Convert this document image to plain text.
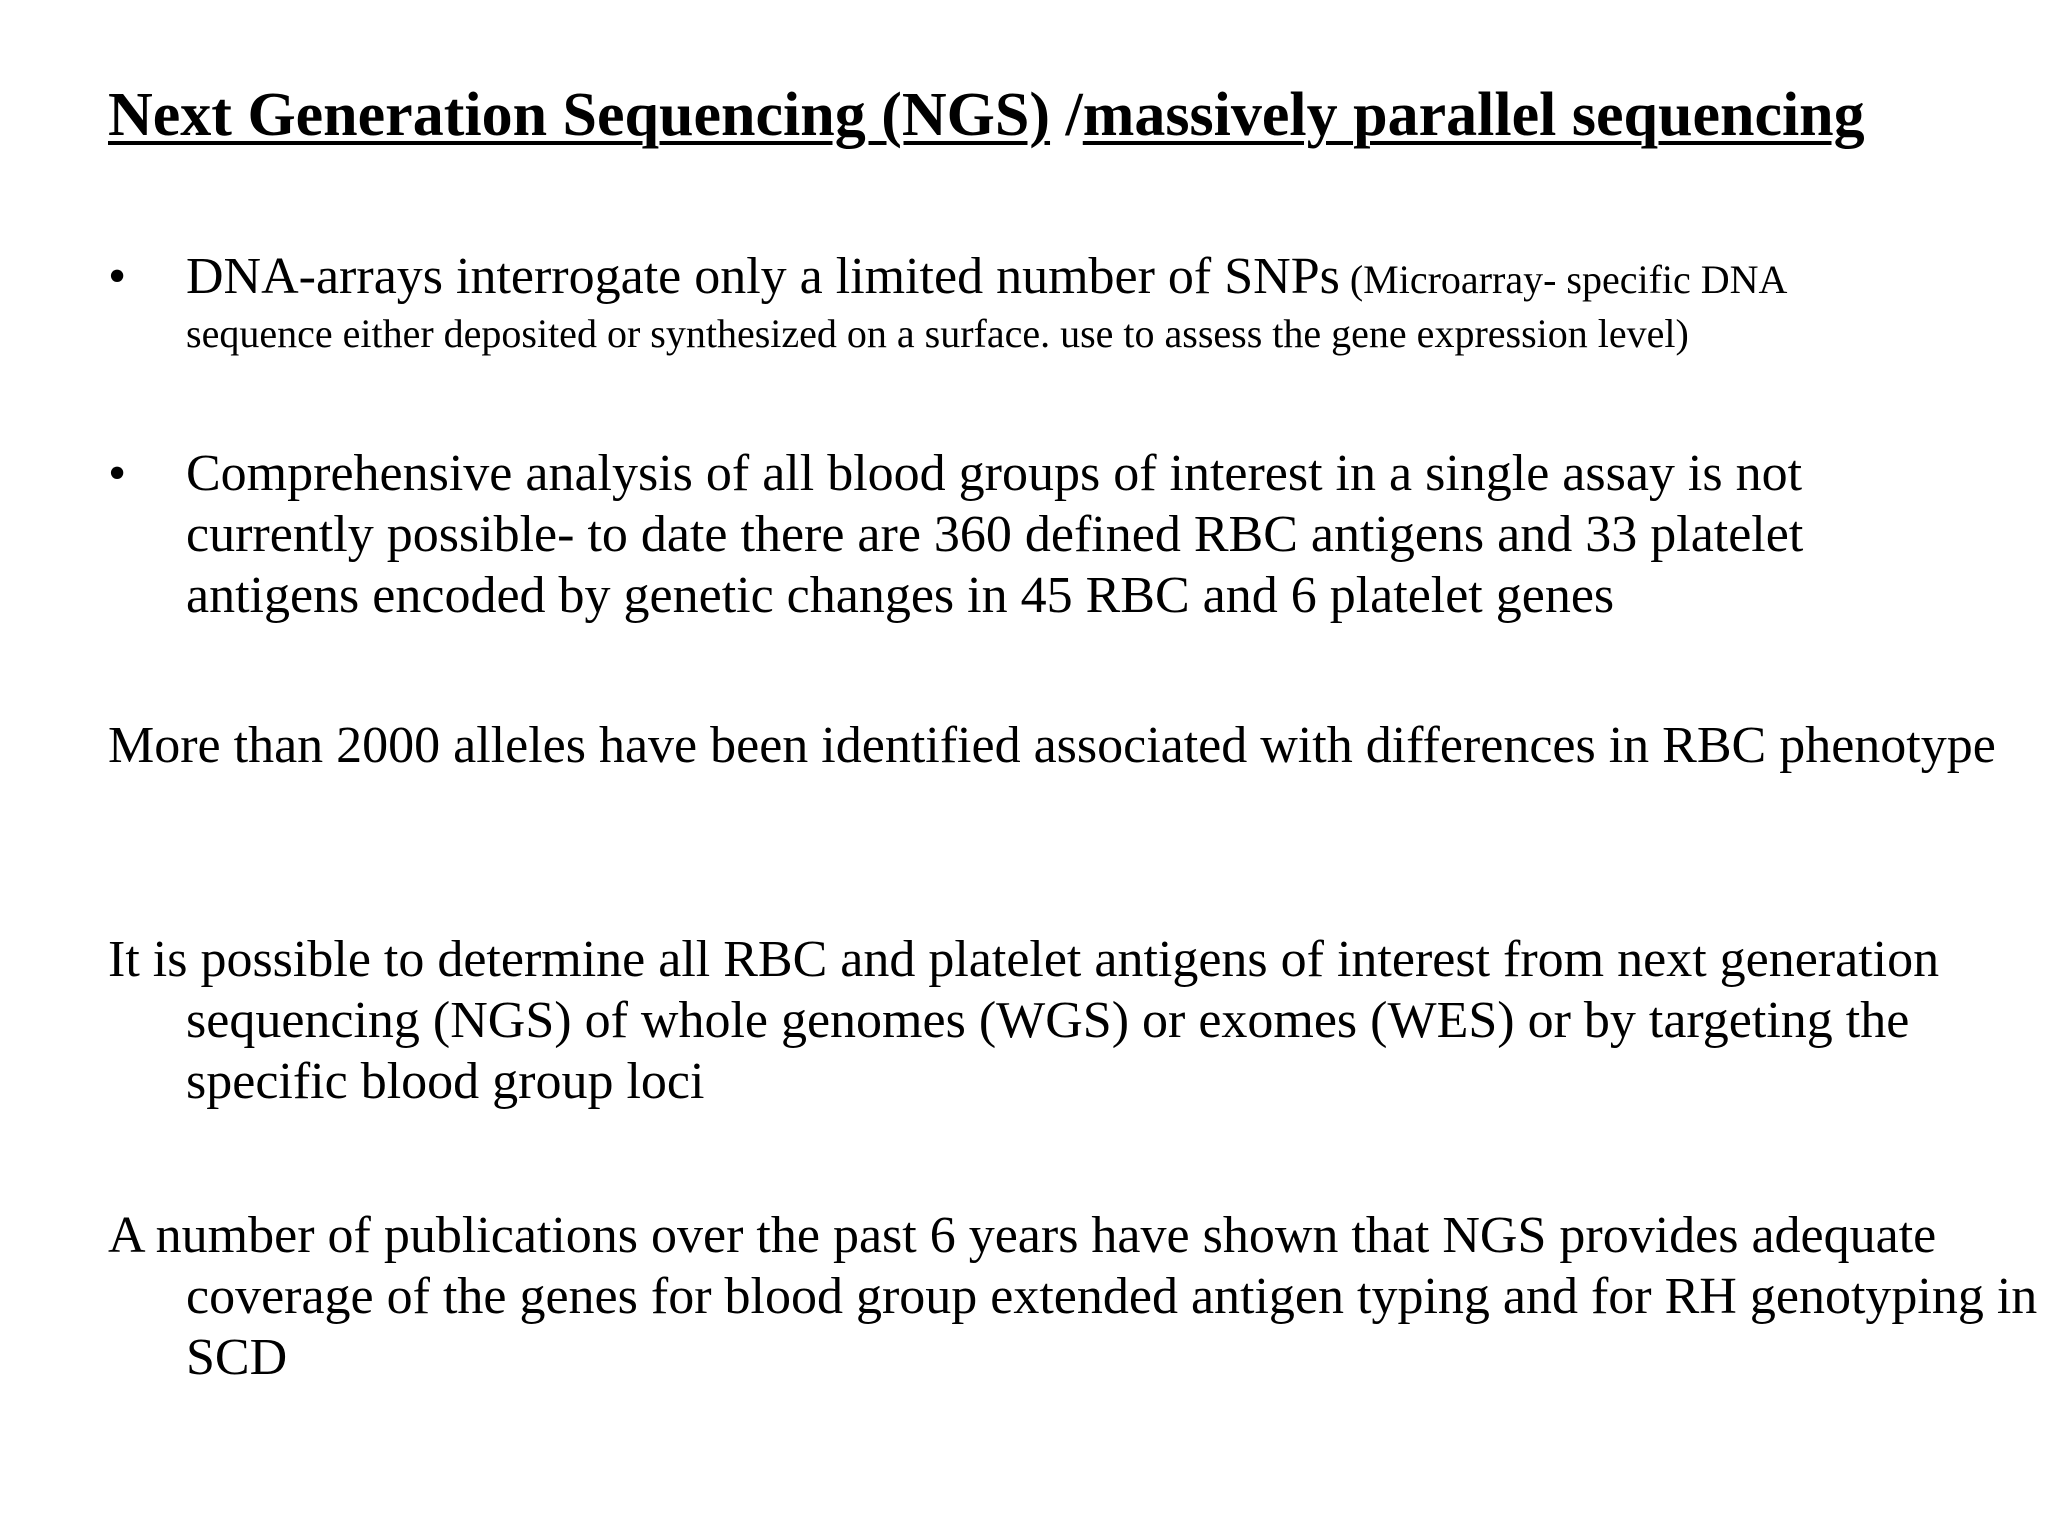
Next Generation Sequencing (NGS) /massively parallel sequencing
• DNA-arrays interrogate only a limited number of SNPs (Microarray- specific DNA
sequence either deposited or synthesized on a surface. use to assess the gene expression level)
• Comprehensive analysis of all blood groups of interest in a single assay is not currently possible- to date there are 360 defined RBC antigens and 33 platelet antigens encoded by genetic changes in 45 RBC and 6 platelet genes

More than 2000 alleles have been identified associated with differences in RBC phenotype

It is possible to determine all RBC and platelet antigens of interest from next generation sequencing (NGS) of whole genomes (WGS) or exomes (WES) or by targeting the specific blood group loci

A number of publications over the past 6 years have shown that NGS provides adequate coverage of the genes for blood group extended antigen typing and for RH genotyping in SCD
